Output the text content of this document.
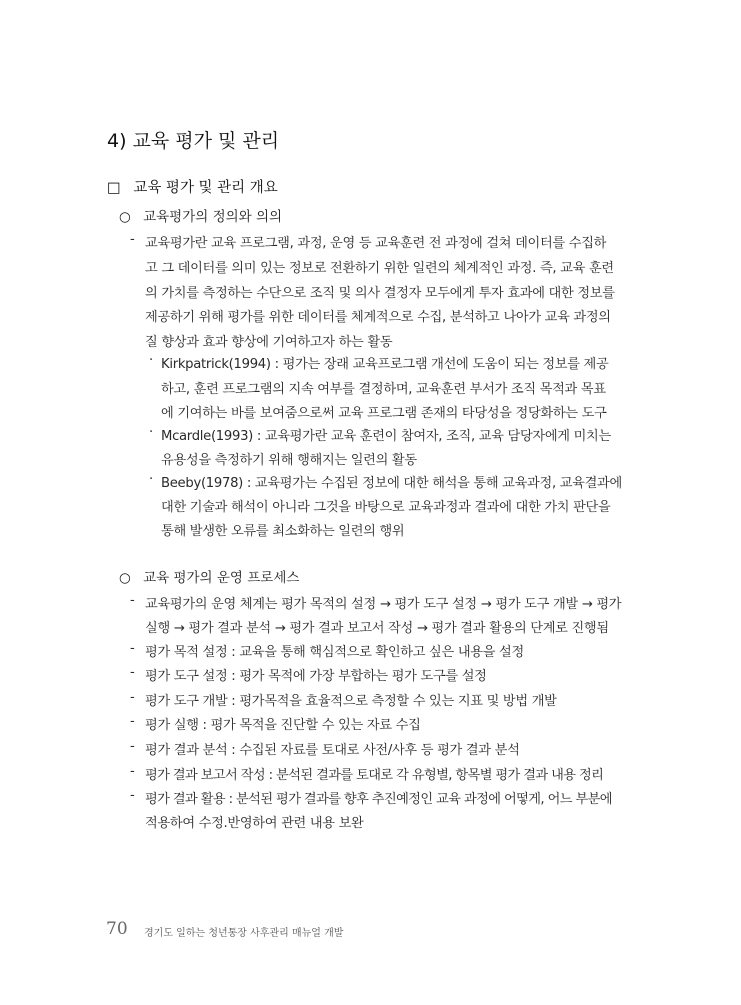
4) 교육 평가 및 관리
□ 교육 평가 및 관리 개요
○ 교육평가의 정의와 의의
- 교육평가란 교육 프로그램, 과정, 운영 등 교육훈련 전 과정에 걸쳐 데이터를 수집하
고 그 데이터를 의미 있는 정보로 전환하기 위한 일련의 체계적인 과정. 즉, 교육 훈련
의 가치를 측정하는 수단으로 조직 및 의사 결정자 모두에게 투자 효과에 대한 정보를
제공하기 위해 평가를 위한 데이터를 체계적으로 수집, 분석하고 나아가 교육 과정의
질 향상과 효과 향상에 기여하고자 하는 활동
· Kirkpatrick(1994) : 평가는 장래 교육프로그램 개선에 도움이 되는 정보를 제공
하고, 훈련 프로그램의 지속 여부를 결정하며, 교육훈련 부서가 조직 목적과 목표
에 기여하는 바를 보여줌으로써 교육 프로그램 존재의 타당성을 정당화하는 도구
· Mcardle(1993) : 교육평가란 교육 훈련이 참여자, 조직, 교육 담당자에게 미치는
유용성을 측정하기 위해 행해지는 일련의 활동
· Beeby(1978) : 교육평가는 수집된 정보에 대한 해석을 통해 교육과정, 교육결과에
대한 기술과 해석이 아니라 그것을 바탕으로 교육과정과 결과에 대한 가치 판단을
통해 발생한 오류를 최소화하는 일련의 행위
○ 교육 평가의 운영 프로세스
- 교육평가의 운영 체계는 평가 목적의 설정 → 평가 도구 설정 → 평가 도구 개발 → 평가
실행 → 평가 결과 분석 → 평가 결과 보고서 작성 → 평가 결과 활용의 단계로 진행됨
- 평가 목적 설정 : 교육을 통해 핵심적으로 확인하고 싶은 내용을 설정
- 평가 도구 설정 : 평가 목적에 가장 부합하는 평가 도구를 설정
- 평가 도구 개발 : 평가목적을 효율적으로 측정할 수 있는 지표 및 방법 개발
- 평가 실행 : 평가 목적을 진단할 수 있는 자료 수집
- 평가 결과 분석 : 수집된 자료를 토대로 사전/사후 등 평가 결과 분석
- 평가 결과 보고서 작성 : 분석된 결과를 토대로 각 유형별, 항목별 평가 결과 내용 정리
- 평가 결과 활용 : 분석된 평가 결과를 향후 추진예정인 교육 과정에 어떻게, 어느 부분에
적용하여 수정.반영하여 관련 내용 보완
70 경기도 일하는 청년통장 사후관리 매뉴얼 개발
